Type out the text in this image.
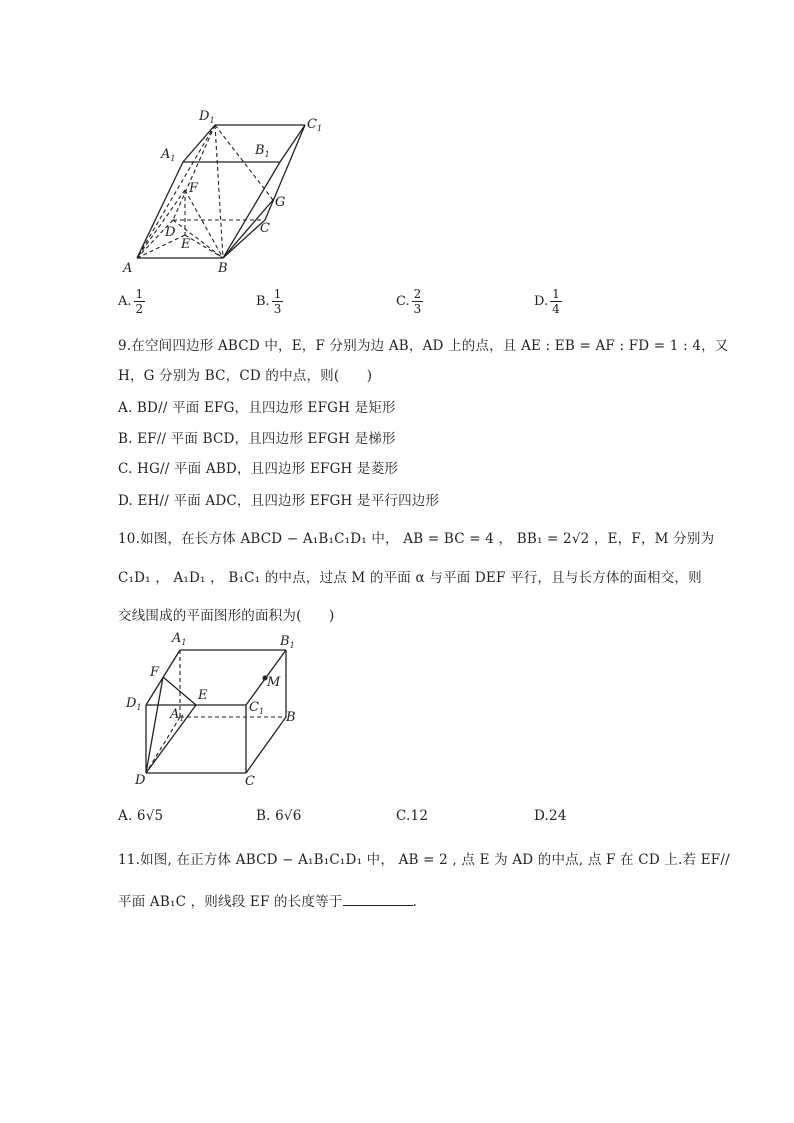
$D_1$	$C_1$
$A_1$
$B_1$
F
G
D	C
E
A	B
A. $\frac{1}{2}$	B. $\frac{1}{3}$	C. $\frac{2}{3}$	D. $\frac{1}{4}$
9.在空间四边形 ABCD 中，E，F 分别为边 AB，AD 上的点，且 AE : EB = AF : FD = 1 : 4，又
H，G 分别为 BC，CD 的中点，则(　　)
A. BD// 平面 EFG，且四边形 EFGH 是矩形
B. EF// 平面 BCD，且四边形 EFGH 是梯形
C. HG// 平面 ABD，且四边形 EFGH 是菱形
D. EH// 平面 ADC，且四边形 EFGH 是平行四边形
10.如图，在长方体 ABCD − A₁B₁C₁D₁ 中， AB = BC = 4 ， BB₁ = 2√2 ，E，F，M 分别为
C₁D₁ ， A₁D₁ ， B₁C₁ 的中点，过点 M 的平面 α 与平面 DEF 平行，且与长方体的面相交，则
交线围成的平面图形的面积为(　　)
$A_1$	$B_1$
F
M
$D_1$
E
$A_1$
$C_1$ B
D	C
A. 6√5	B. 6√6	C.12	D.24
11.如图, 在正方体 ABCD − A₁B₁C₁D₁ 中， AB = 2 , 点 E 为 AD 的中点, 点 F 在 CD 上.若 EF//
平面 AB₁C ，则线段 EF 的长度等于	.
